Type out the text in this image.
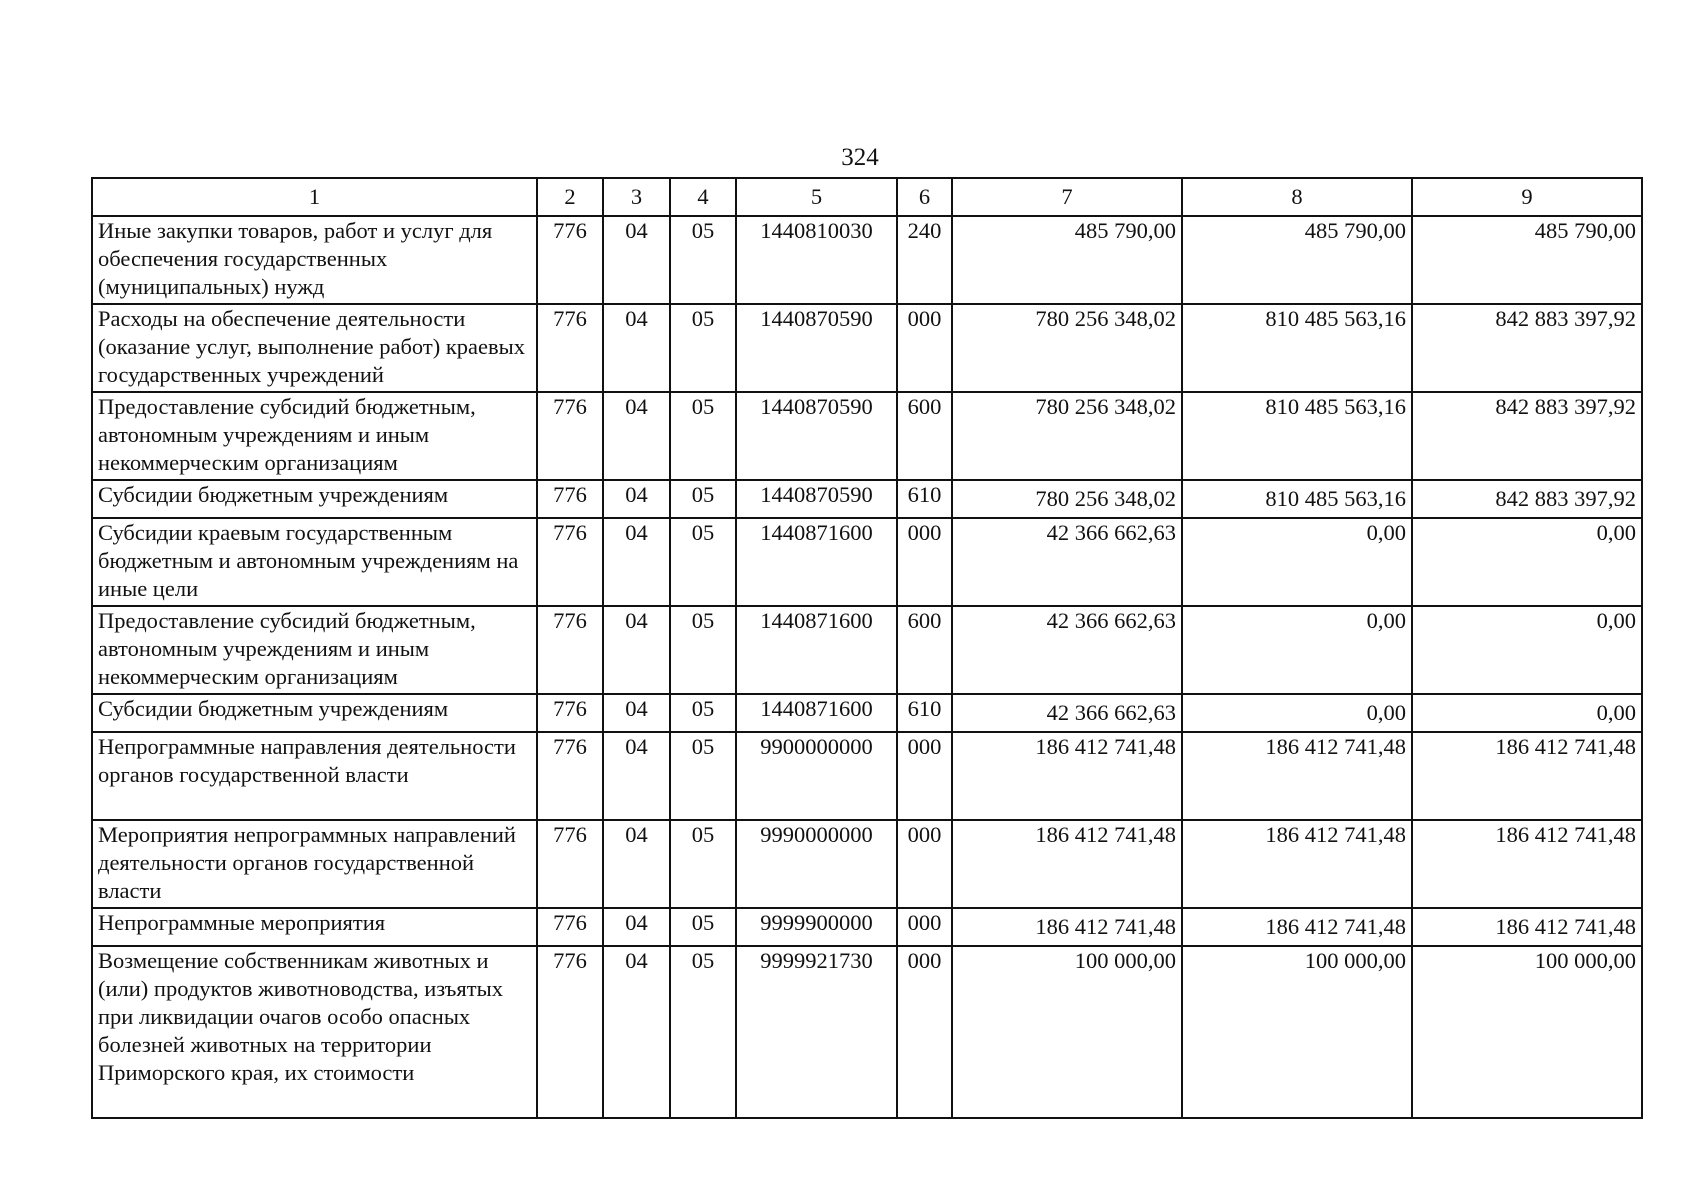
324
1	2	3	4	5	6	7	8	9
Иные закупки товаров, работ и услуг для обеспечения государственных (муниципальных) нужд	776	04	05	1440810030	240	485 790,00	485 790,00	485 790,00
Расходы на обеспечение деятельности (оказание услуг, выполнение работ) краевых государственных учреждений	776	04	05	1440870590	000	780 256 348,02	810 485 563,16	842 883 397,92
Предоставление субсидий бюджетным, автономным учреждениям и иным некоммерческим организациям	776	04	05	1440870590	600	780 256 348,02	810 485 563,16	842 883 397,92
Субсидии бюджетным учреждениям	776	04	05	1440870590	610	780 256 348,02	810 485 563,16	842 883 397,92
Субсидии краевым государственным бюджетным и автономным учреждениям на иные цели	776	04	05	1440871600	000	42 366 662,63	0,00	0,00
Предоставление субсидий бюджетным, автономным учреждениям и иным некоммерческим организациям	776	04	05	1440871600	600	42 366 662,63	0,00	0,00
Субсидии бюджетным учреждениям	776	04	05	1440871600	610	42 366 662,63	0,00	0,00
Непрограммные направления деятельности органов государственной власти	776	04	05	9900000000	000	186 412 741,48	186 412 741,48	186 412 741,48
Мероприятия непрограммных направлений деятельности органов государственной власти	776	04	05	9990000000	000	186 412 741,48	186 412 741,48	186 412 741,48
Непрограммные мероприятия	776	04	05	9999900000	000	186 412 741,48	186 412 741,48	186 412 741,48
Возмещение собственникам животных и (или) продуктов животноводства, изъятых при ликвидации очагов особо опасных болезней животных на территории Приморского края, их стоимости	776	04	05	9999921730	000	100 000,00	100 000,00	100 000,00
